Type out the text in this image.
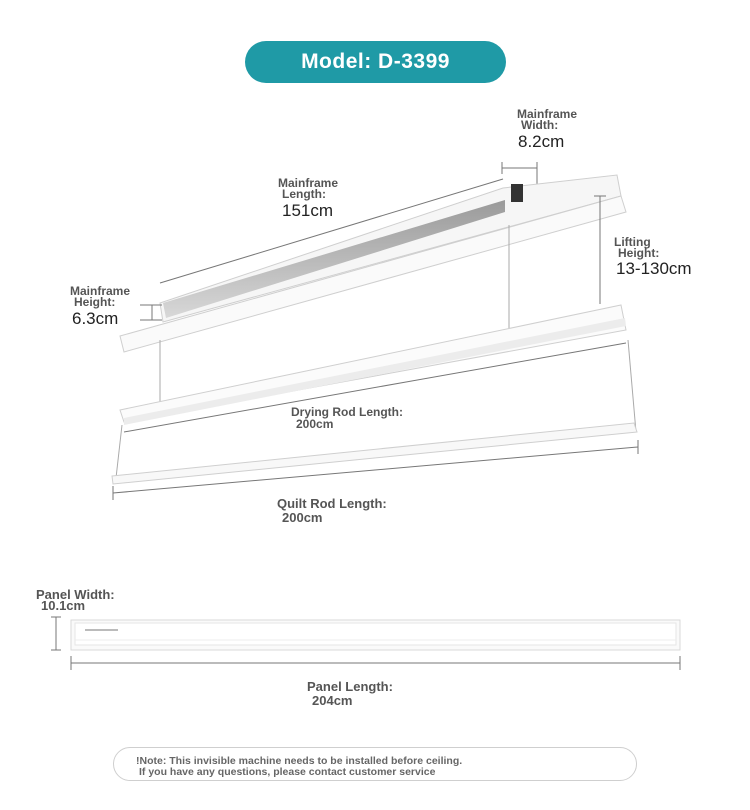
Model: D-3399
Mainframe
Width:
8.2cm
Mainframe
Length:
151cm
Lifting
Height:
13-130cm
Mainframe
Height:
6.3cm
Drying Rod Length:
200cm
Quilt Rod Length:
200cm
Panel Width:
10.1cm
Panel Length:
204cm
!Note: This invisible machine needs to be installed before ceiling.
If you have any questions, please contact customer service
